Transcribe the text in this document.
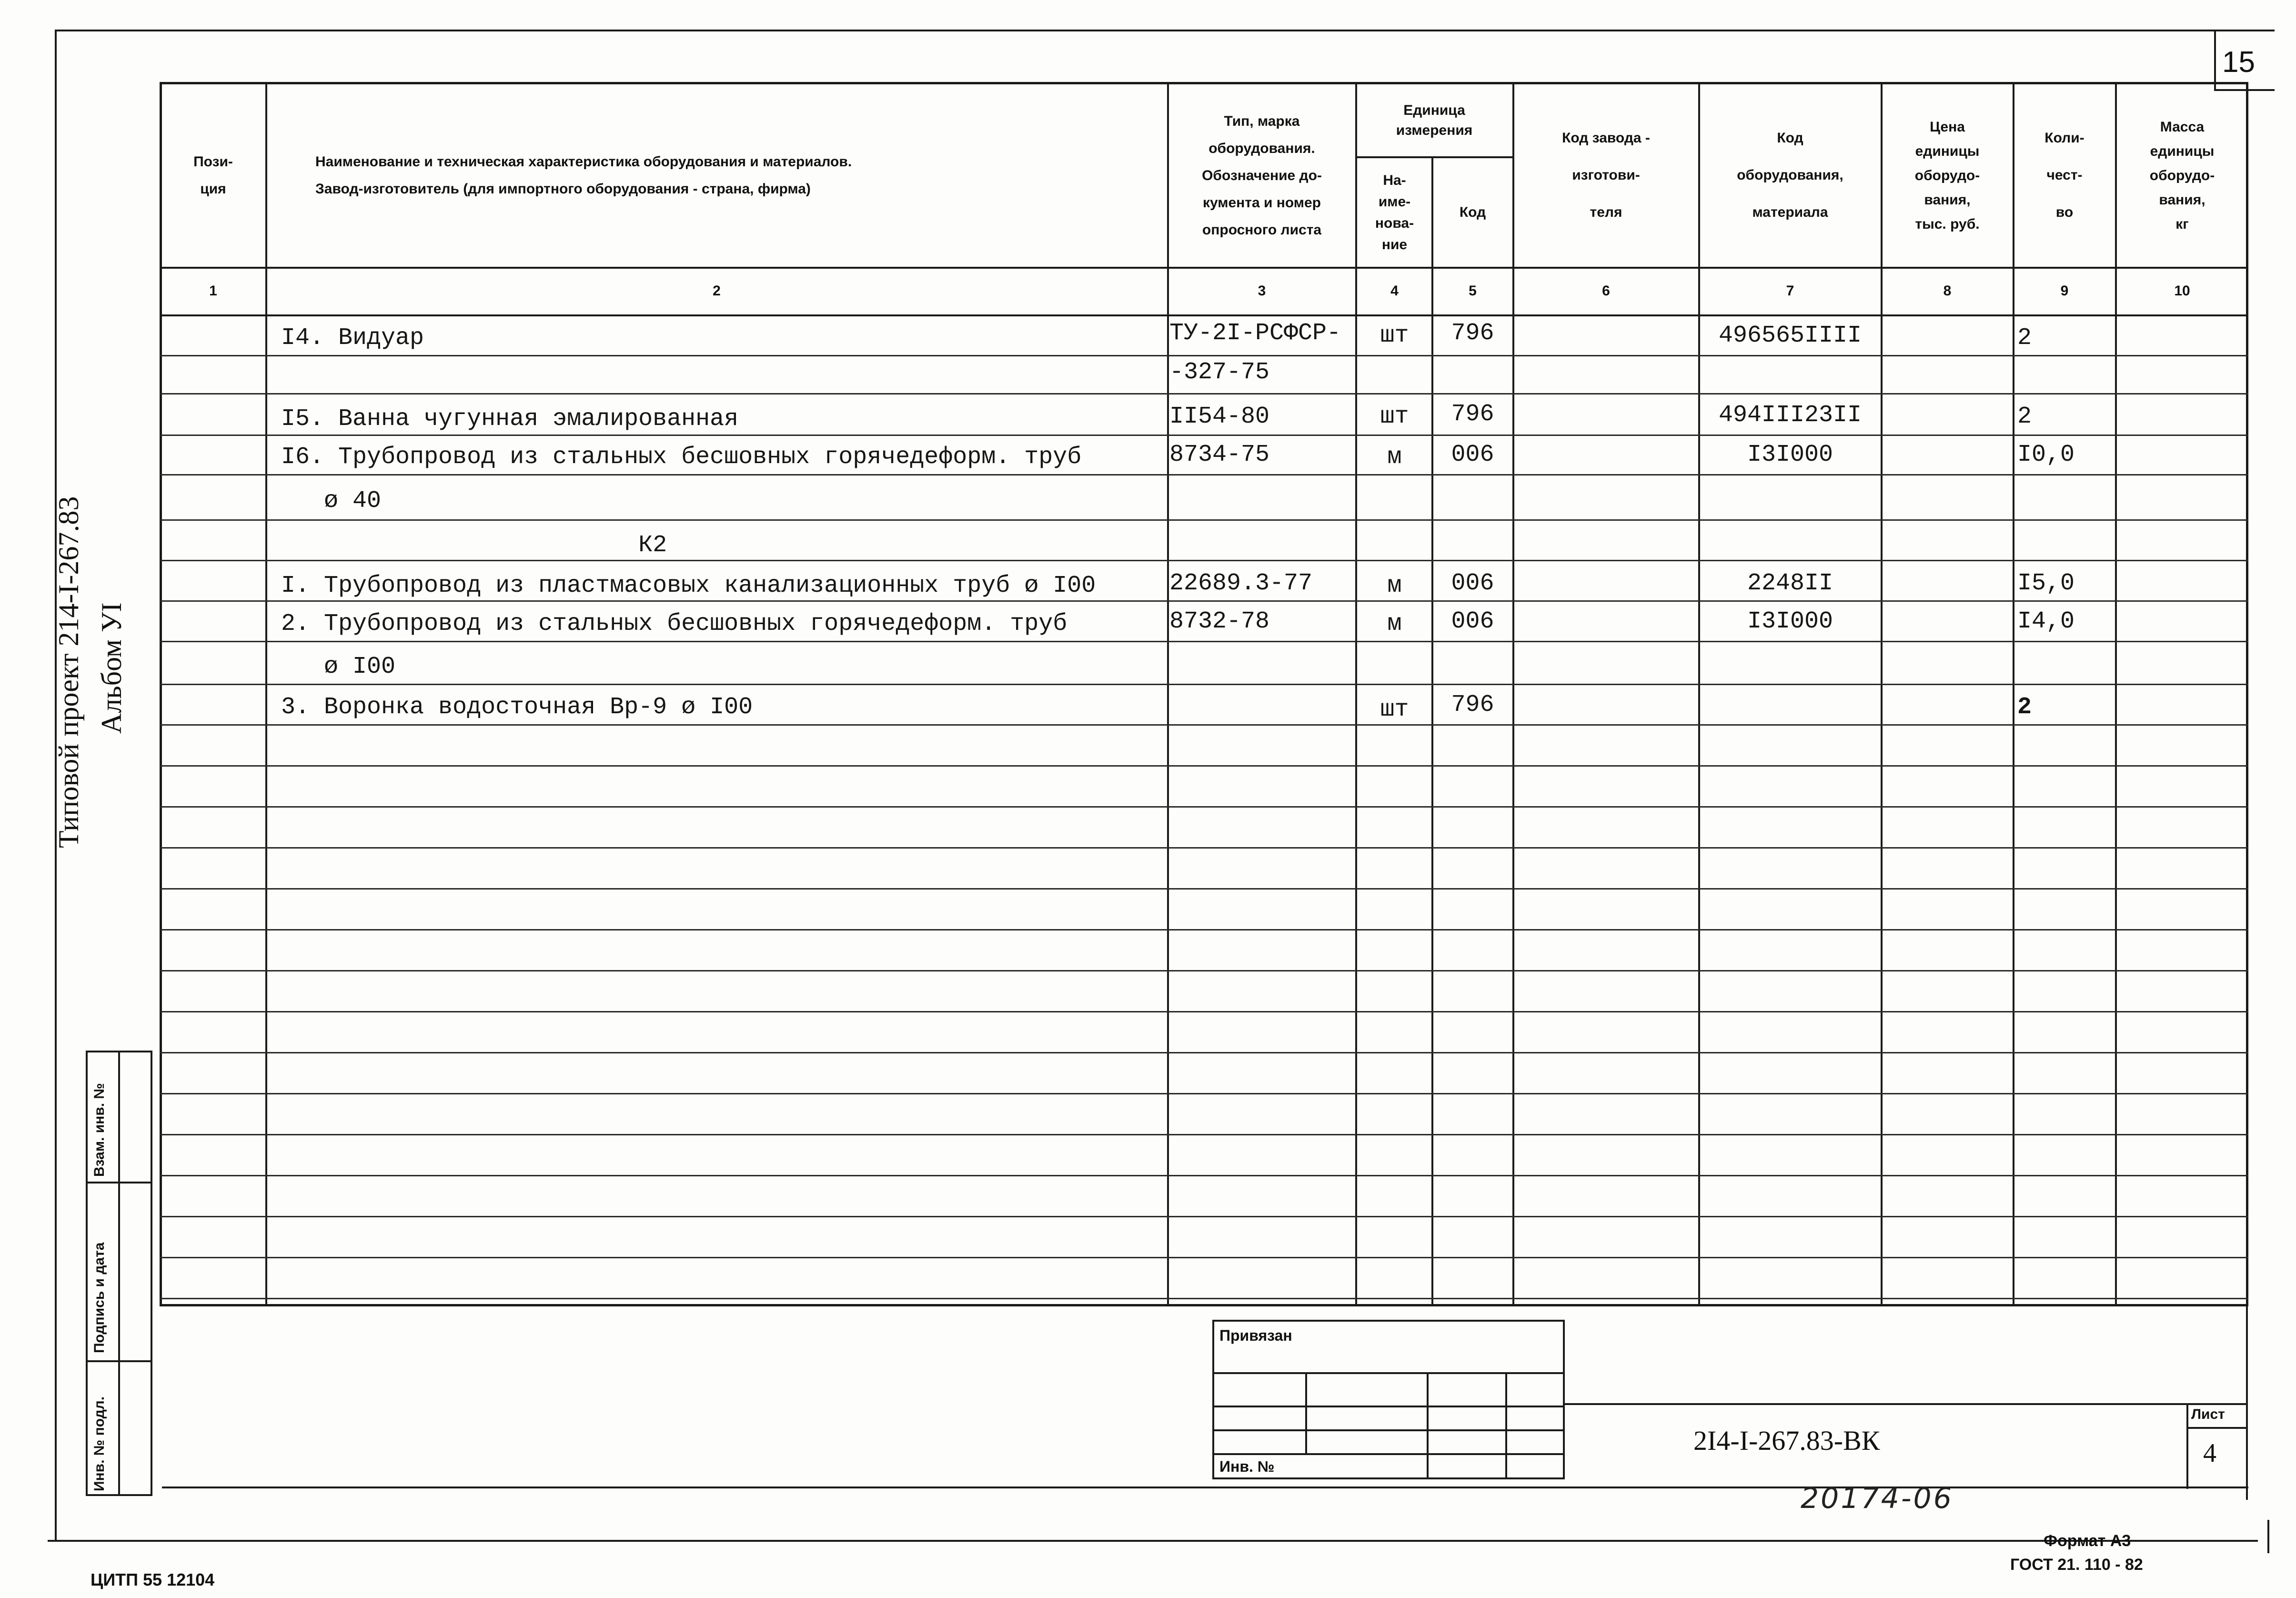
15
Типовой проект 214-I-267.83 Альбом УI
Взам. инв. №
Подпись и дата
Инв. № подл.
Пози-
ция
Наименование и техническая характеристика оборудования и материалов.
Завод-изготовитель (для импортного оборудования - страна, фирма)
Тип, марка
оборудования.
Обозначение до-
кумента и номер
опросного листа
Единица
измерения
На-
име-
нова-
ние
Код
Код завода -
изготови-
теля
Код
оборудования,
материала
Цена
единицы
оборудо-
вания,
тыс. руб.
Коли-
чест-
во
Масса
единицы
оборудо-
вания,
кг
1	2	3	4	5	6	7	8	9	10
I4. Видуар	ТУ-2I-РСФСР-	шт	796	496565IIII	2
-327-75
I5. Ванна чугунная эмалированная	II54-80	шт	796	494III23II	2
I6. Трубопровод из стальных бесшовных горячедеформ. труб	8734-75	м	006	I3I000	I0,0
ø 40
К2
I. Трубопровод из пластмасовых канализационных труб ø I00	22689.3-77	м	006	2248II	I5,0
2. Трубопровод из стальных бесшовных горячедеформ. труб	8732-78	м	006	I3I000	I4,0
ø I00
3. Воронка водосточная Вр-9 ø I00	шт	796	2
Привязан
Инв. №
2I4-I-267.83-ВК
Лист
4
20174-06
Формат А3
ГОСТ 21. 110 - 82
ЦИТП 55 12104
